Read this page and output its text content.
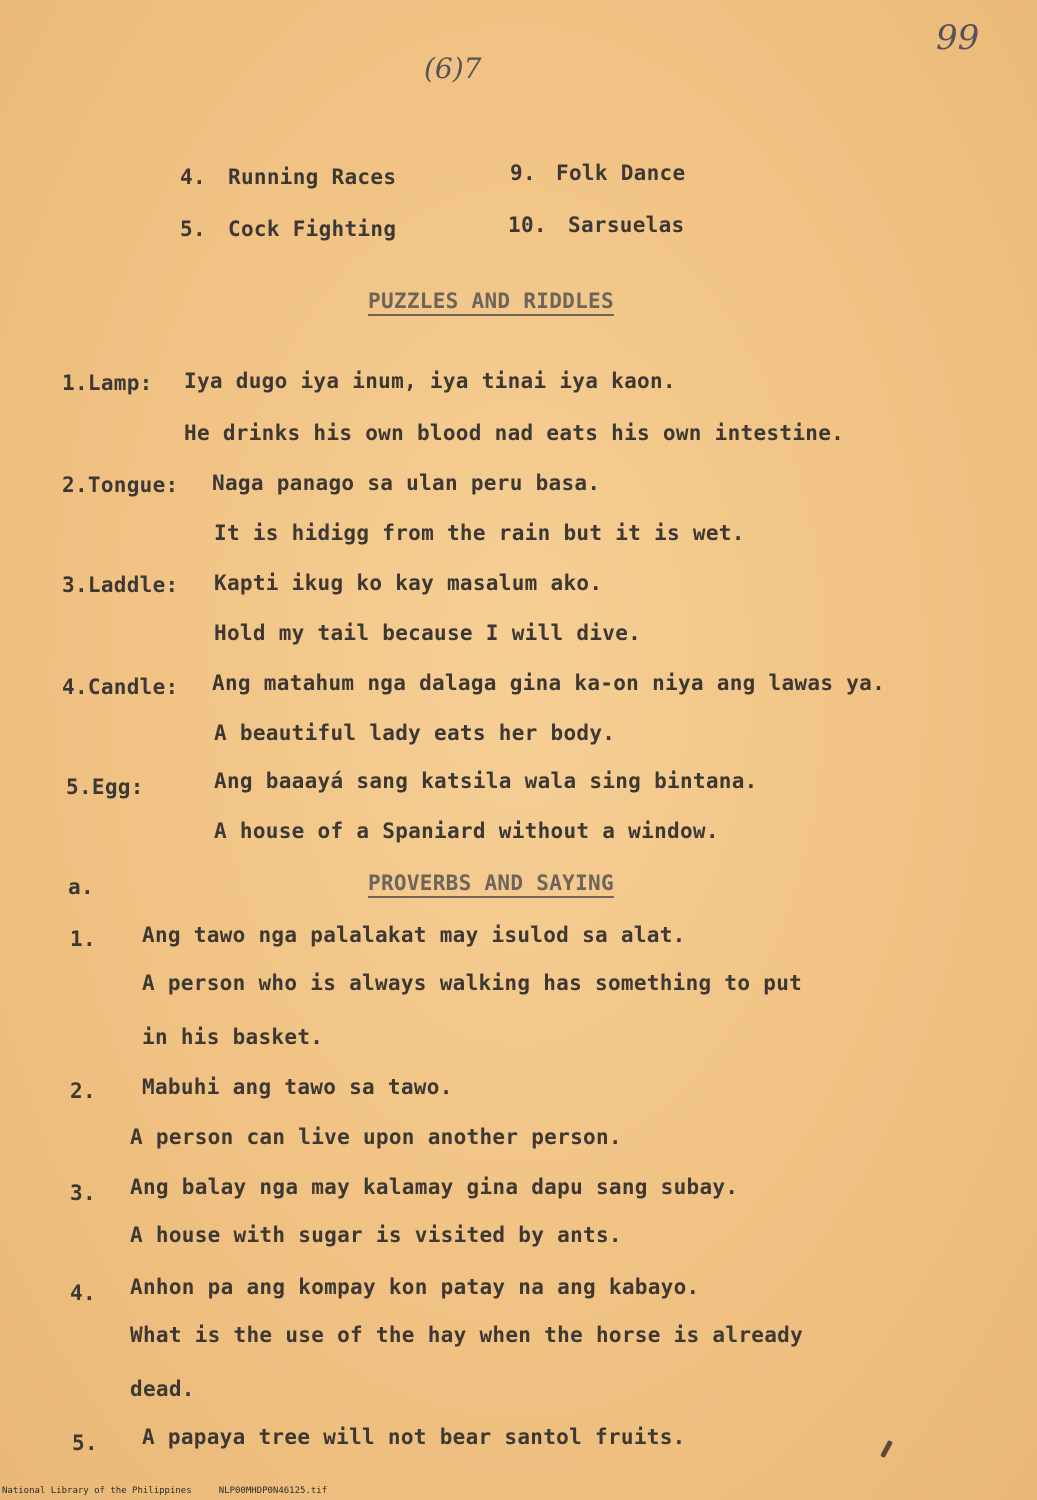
99
(6)7
4. Running Races	9. Folk Dance
5. Cock Fighting	10. Sarsuelas
PUZZLES AND RIDDLES
1.Lamp: Iya dugo iya inum, iya tinai iya kaon.
He drinks his own blood nad eats his own intestine.
2.Tongue: Naga panago sa ulan peru basa.
It is hidigg from the rain but it is wet.
3.Laddle: Kapti ikug ko kay masalum ako.
Hold my tail because I will dive.
4.Candle: Ang matahum nga dalaga gina ka-on niya ang lawas ya.
A beautiful lady eats her body.
5.Egg:	Ang baaayá sang katsila wala sing bintana.
A house of a Spaniard without a window.
a.	PROVERBS AND SAYING
1. Ang tawo nga palalakat may isulod sa alat.
A person who is always walking has something to put
in his basket.
2. Mabuhi ang tawo sa tawo.
A person can live upon another person.
3. Ang balay nga may kalamay gina dapu sang subay.
A house with sugar is visited by ants.
4. Anhon pa ang kompay kon patay na ang kabayo.
What is the use of the hay when the horse is already
dead.
5. A papaya tree will not bear santol fruits.
National Library of the Philippines     NLP00MHDP0N46125.tif
